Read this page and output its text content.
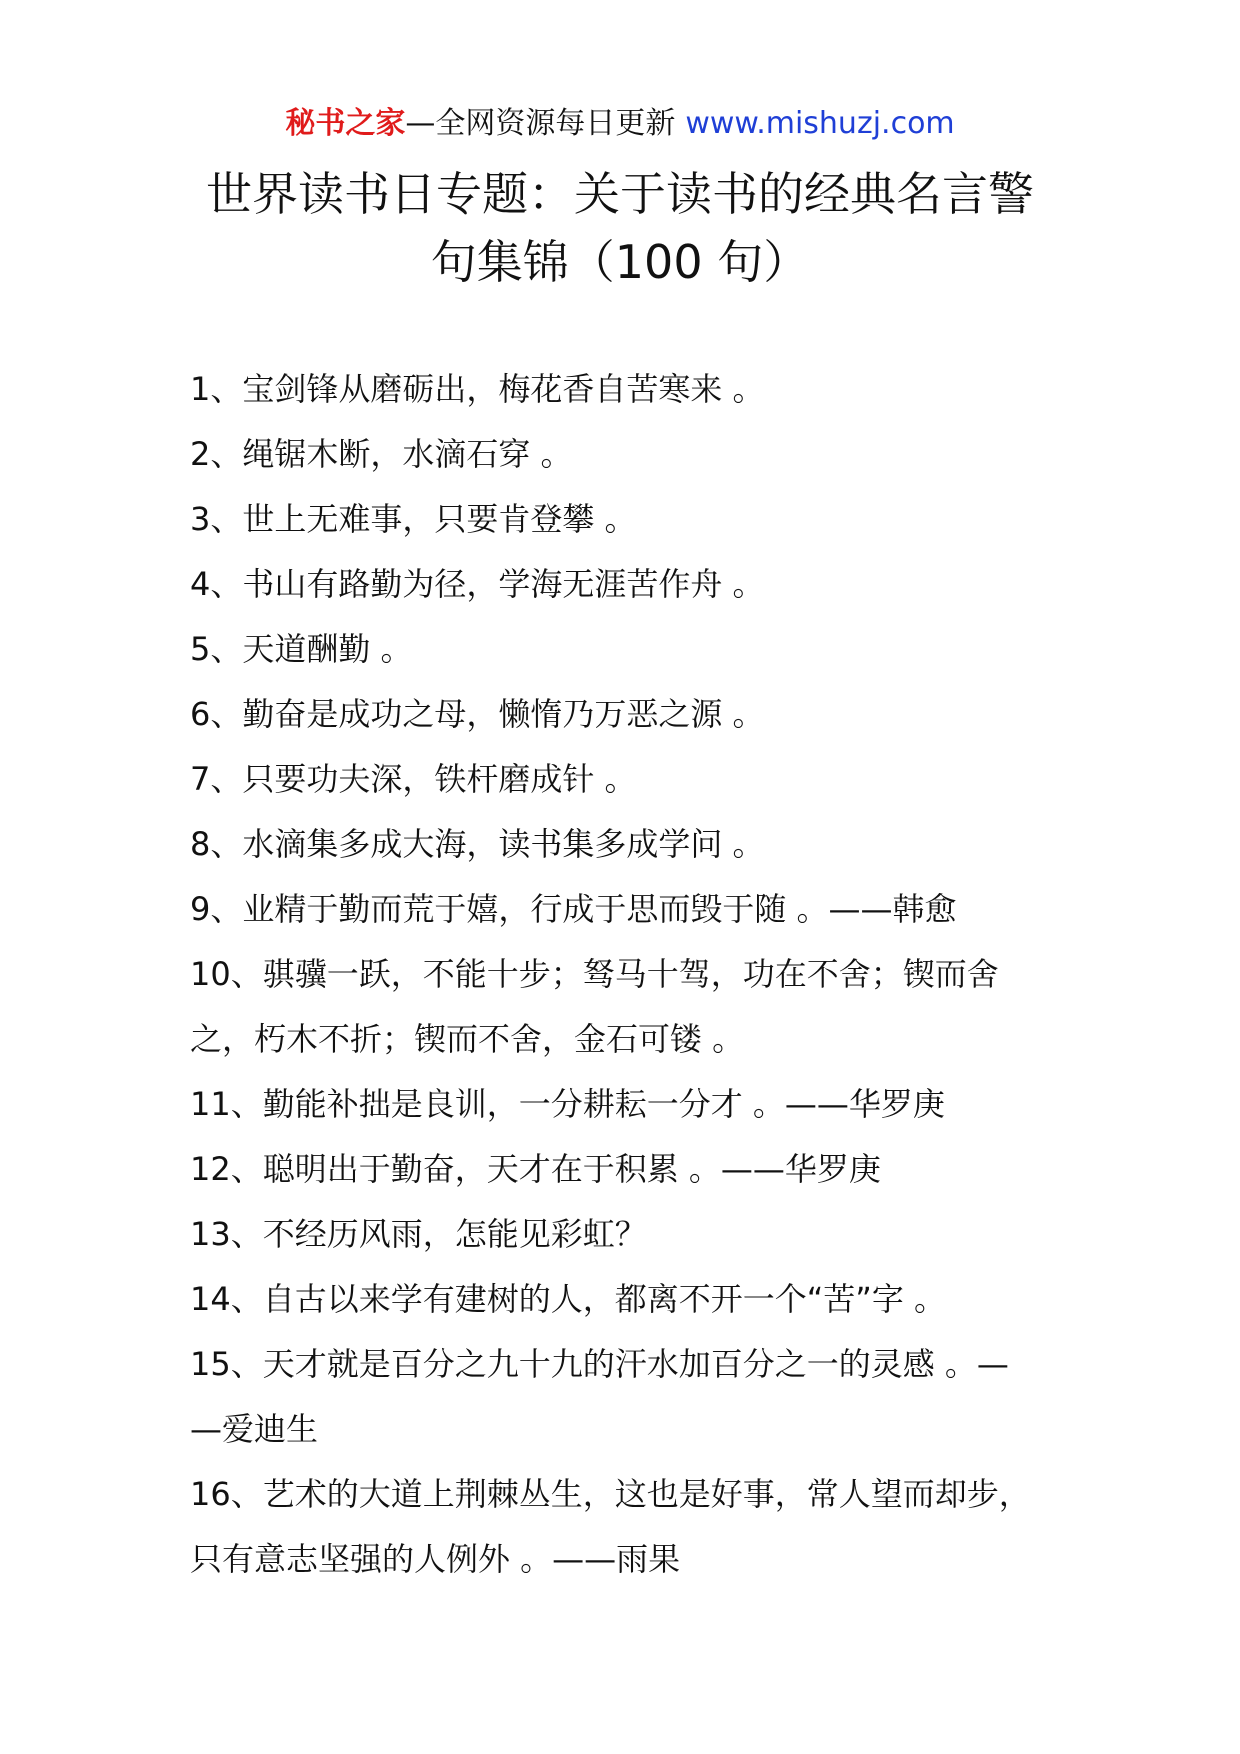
秘书之家—全网资源每日更新 www.mishuzj.com
世界读书日专题：关于读书的经典名言警
句集锦（100 句）
1、宝剑锋从磨砺出，梅花香自苦寒来 。
2、绳锯木断，水滴石穿 。
3、世上无难事，只要肯登攀 。
4、书山有路勤为径，学海无涯苦作舟 。
5、天道酬勤 。
6、勤奋是成功之母，懒惰乃万恶之源 。
7、只要功夫深，铁杆磨成针 。
8、水滴集多成大海，读书集多成学问 。
9、业精于勤而荒于嬉，行成于思而毁于随 。——韩愈
10、骐骥一跃，不能十步；驽马十驾，功在不舍；锲而舍
之，朽木不折；锲而不舍，金石可镂 。
11、勤能补拙是良训，一分耕耘一分才 。——华罗庚
12、聪明出于勤奋，天才在于积累 。——华罗庚
13、不经历风雨，怎能见彩虹？
14、自古以来学有建树的人，都离不开一个“苦”字 。
15、天才就是百分之九十九的汗水加百分之一的灵感 。—
—爱迪生
16、艺术的大道上荆棘丛生，这也是好事，常人望而却步，
只有意志坚强的人例外 。——雨果
